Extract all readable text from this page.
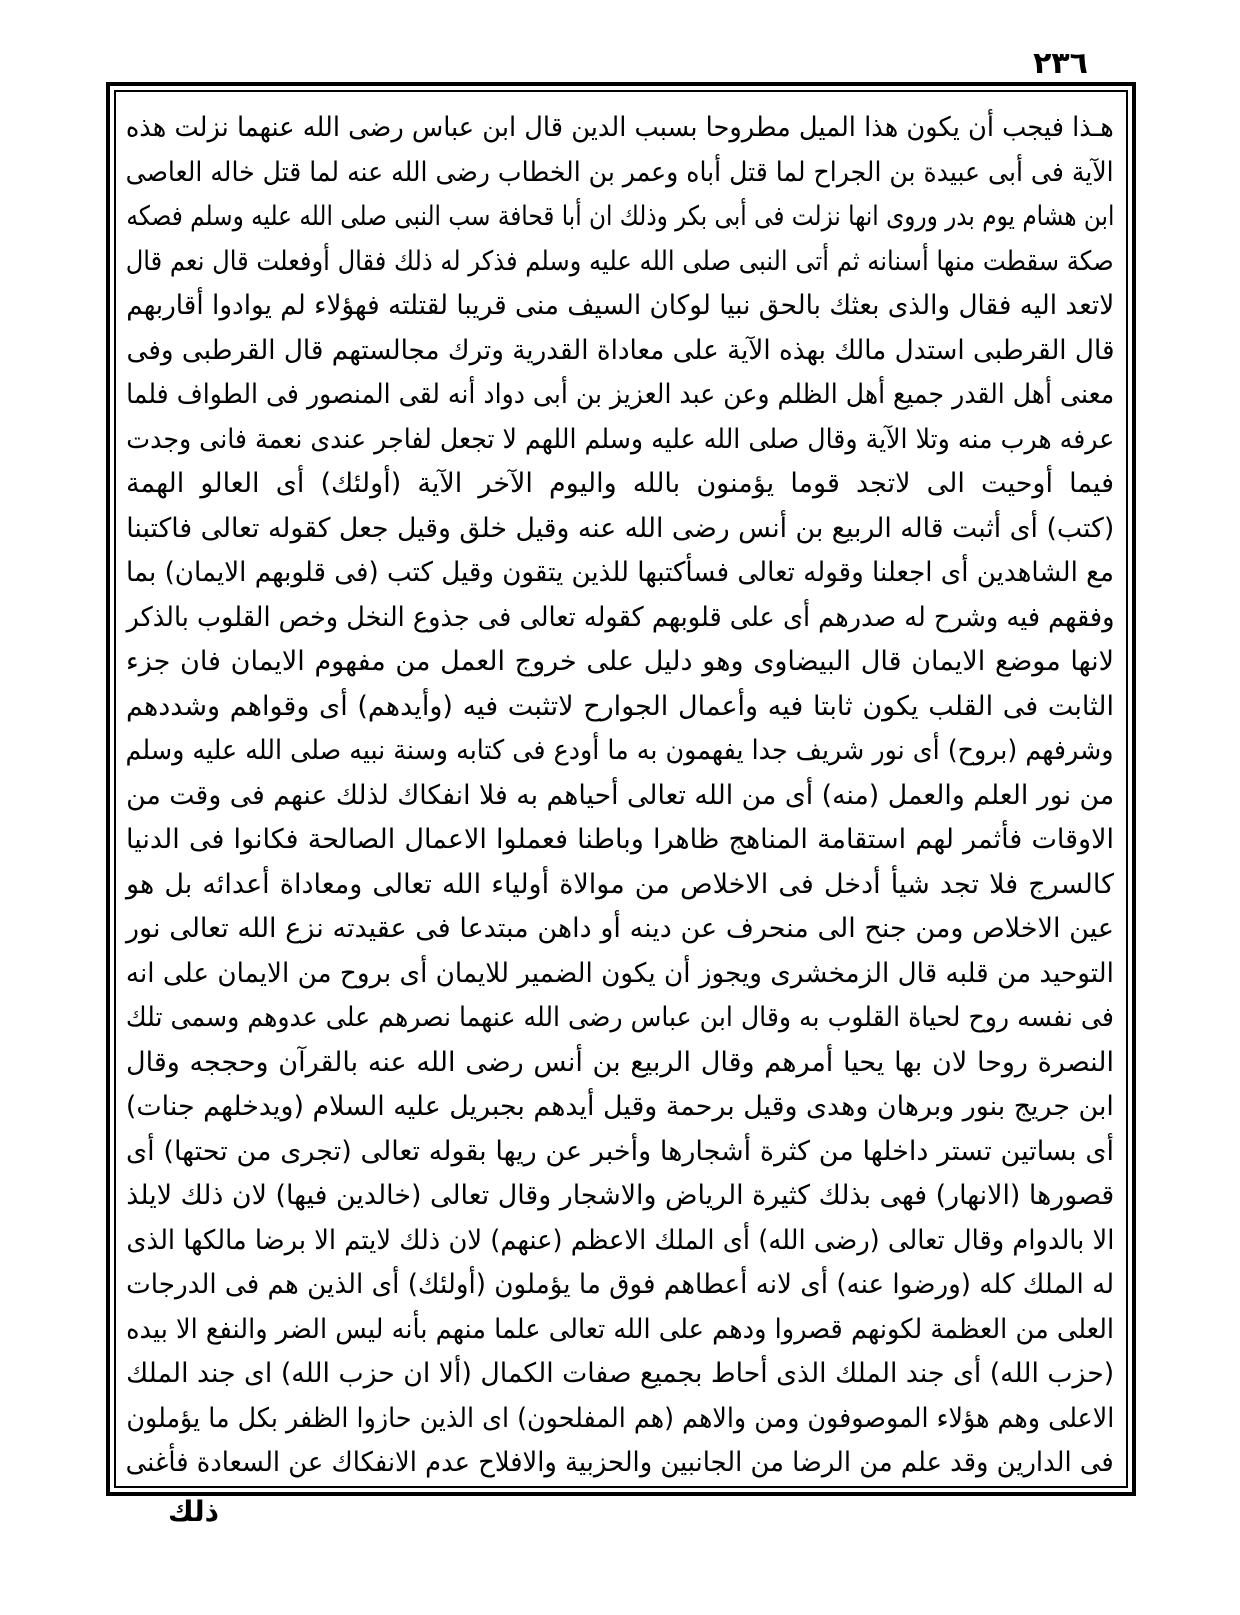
٢٣٦
هـذا فيجب أن يكون هذا الميل مطروحا بسبب الدين قال ابن عباس رضى الله عنهما نزلت هذه
الآية فى أبى عبيدة بن الجراح لما قتل أباه وعمر بن الخطاب رضى الله عنه لما قتل خاله العاصى
ابن هشام يوم بدر وروى انها نزلت فى أبى بكر وذلك ان أبا قحافة سب النبى صلى الله عليه وسلم فصكه
صكة سقطت منها أسنانه ثم أتى النبى صلى الله عليه وسلم فذكر له ذلك فقال أوفعلت قال نعم قال
لاتعد اليه فقال والذى بعثك بالحق نبيا لوكان السيف منى قريبا لقتلته فهؤلاء لم يوادوا أقاربهم
قال القرطبى استدل مالك بهذه الآية على معاداة القدرية وترك مجالستهم قال القرطبى وفى
معنى أهل القدر جميع أهل الظلم وعن عبد العزيز بن أبى دواد أنه لقى المنصور فى الطواف فلما
عرفه هرب منه وتلا الآية وقال صلى الله عليه وسلم اللهم لا تجعل لفاجر عندى نعمة فانى وجدت
فيما أوحيت الى لاتجد قوما يؤمنون بالله واليوم الآخر الآية (أولئك) أى العالو الهمة
(كتب) أى أثبت قاله الربيع بن أنس رضى الله عنه وقيل خلق وقيل جعل كقوله تعالى فاكتبنا
مع الشاهدين أى اجعلنا وقوله تعالى فسأكتبها للذين يتقون وقيل كتب (فى قلوبهم الايمان) بما
وفقهم فيه وشرح له صدرهم أى على قلوبهم كقوله تعالى فى جذوع النخل وخص القلوب بالذكر
لانها موضع الايمان قال البيضاوى وهو دليل على خروج العمل من مفهوم الايمان فان جزء
الثابت فى القلب يكون ثابتا فيه وأعمال الجوارح لاتثبت فيه (وأيدهم) أى وقواهم وشددهم
وشرفهم (بروح) أى نور شريف جدا يفهمون به ما أودع فى كتابه وسنة نبيه صلى الله عليه وسلم
من نور العلم والعمل (منه) أى من الله تعالى أحياهم به فلا انفكاك لذلك عنهم فى وقت من
الاوقات فأثمر لهم استقامة المناهج ظاهرا وباطنا فعملوا الاعمال الصالحة فكانوا فى الدنيا
كالسرج فلا تجد شيأ أدخل فى الاخلاص من موالاة أولياء الله تعالى ومعاداة أعدائه بل هو
عين الاخلاص ومن جنح الى منحرف عن دينه أو داهن مبتدعا فى عقيدته نزع الله تعالى نور
التوحيد من قلبه قال الزمخشرى ويجوز أن يكون الضمير للايمان أى بروح من الايمان على انه
فى نفسه روح لحياة القلوب به وقال ابن عباس رضى الله عنهما نصرهم على عدوهم وسمى تلك
النصرة روحا لان بها يحيا أمرهم وقال الربيع بن أنس رضى الله عنه بالقرآن وحججه وقال
ابن جريج بنور وبرهان وهدى وقيل برحمة وقيل أيدهم بجبريل عليه السلام (ويدخلهم جنات)
أى بساتين تستر داخلها من كثرة أشجارها وأخبر عن ريها بقوله تعالى (تجرى من تحتها) أى
قصورها (الانهار) فهى بذلك كثيرة الرياض والاشجار وقال تعالى (خالدين فيها) لان ذلك لايلذ
الا بالدوام وقال تعالى (رضى الله) أى الملك الاعظم (عنهم) لان ذلك لايتم الا برضا مالكها الذى
له الملك كله (ورضوا عنه) أى لانه أعطاهم فوق ما يؤملون (أولئك) أى الذين هم فى الدرجات
العلى من العظمة لكونهم قصروا ودهم على الله تعالى علما منهم بأنه ليس الضر والنفع الا بيده
(حزب الله) أى جند الملك الذى أحاط بجميع صفات الكمال (ألا ان حزب الله) اى جند الملك
الاعلى وهم هؤلاء الموصوفون ومن والاهم (هم المفلحون) اى الذين حازوا الظفر بكل ما يؤملون
فى الدارين وقد علم من الرضا من الجانبين والحزبية والافلاح عدم الانفكاك عن السعادة فأغنى
ذلك
